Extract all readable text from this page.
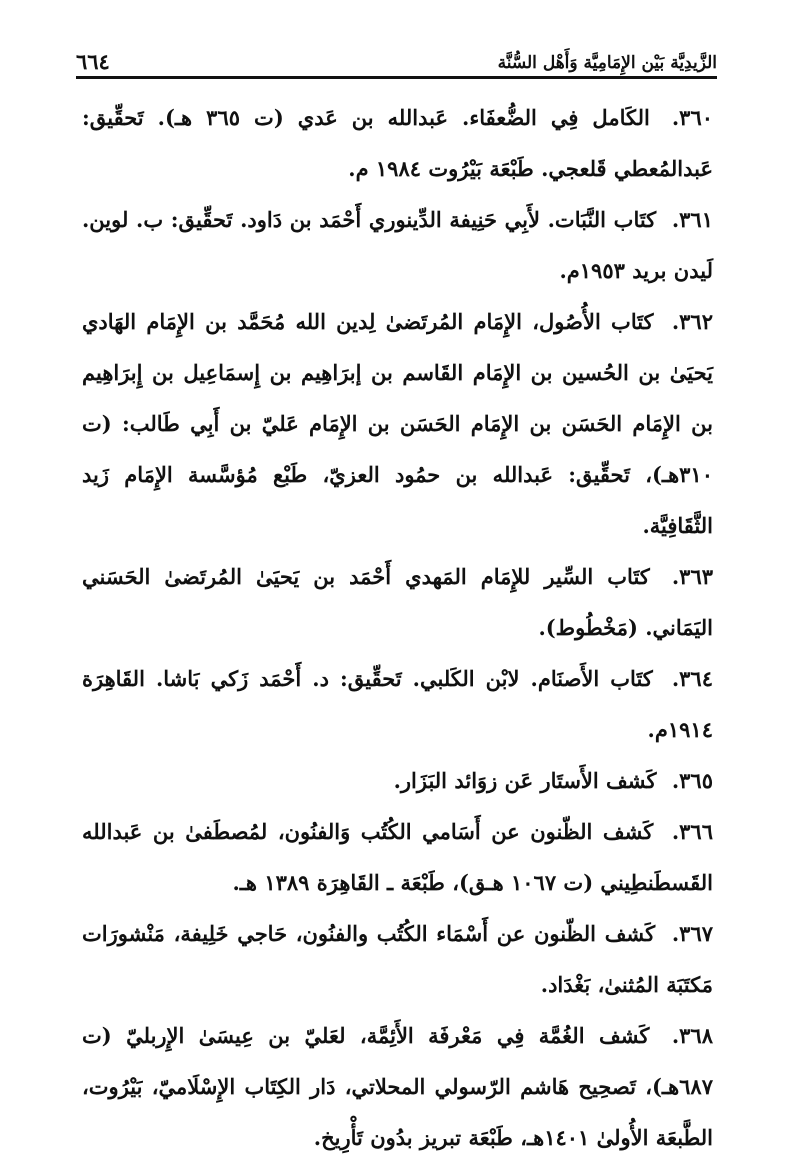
الزَّيدِيَّة بَيْن الإِمَامِيَّة وَأَهْل السُّنَّة
٦٦٤

٣٦٠. الكَامل فِي الضُّعفَاء. عَبدالله بن عَدي (ت ٣٦٥ هـ). تَحقِّيق: عَبدالمُعطي قَلعجي. طَبْعَة بَيْرُوت ١٩٨٤ م.

٣٦١. كتَاب النَّبَات. لأَبِي حَنِيفة الدِّينوري أَحْمَد بن دَاود. تَحقِّيق: ب. لوين. لَيدن بريد ١٩٥٣م.

٣٦٢. كتَاب الأُصُول، الإِمَام المُرتَضىٰ لِدين الله مُحَمَّد بن الإِمَام الهَادي يَحيَىٰ بن الحُسين بن الإِمَام القَاسم بن إبرَاهِيم بن إِسمَاعِيل بن إِبرَاهِيم بن الإِمَام الحَسَن بن الإِمَام الحَسَن بن الإِمَام عَليّ بن أَبِي طَالب: (ت ٣١٠هـ)، تَحقِّيق: عَبدالله بن حمُود العزيّ، طَبْع مُؤسَّسة الإِمَام زَيد الثَّقَافِيَّة.

٣٦٣. كتَاب السِّير للإِمَام المَهدي أَحْمَد بن يَحيَىٰ المُرتَضىٰ الحَسَني اليَمَاني. (مَخْطُوط).

٣٦٤. كتَاب الأَصنَام. لابْن الكَلبي. تَحقِّيق: د. أَحْمَد زَكي بَاشا. القَاهِرَة ١٩١٤م.

٣٦٥. كَشف الأَستَار عَن زوَائد البَزَار.

٣٦٦. كَشف الظّنون عن أَسَامي الكُتُب وَالفنُون، لمُصطَفىٰ بن عَبدالله القَسطَنطِيني (ت ١٠٦٧ هـق)، طَبْعَة ـ القَاهِرَة ١٣٨٩ هـ.

٣٦٧. كَشف الظّنون عن أَسْمَاء الكُتُب والفنُون، حَاجي خَلِيفة، مَنْشورَات مَكتَبَة المُثنىٰ، بَغْدَاد.

٣٦٨. كَشف الغُمَّة فِي مَعْرفَة الأَئِمَّة، لعَليّ بن عِيسَىٰ الإِربليّ (ت ٦٨٧هـ)، تَصحِيح هَاشم الرّسولي المحلاتي، دَار الكِتَاب الإِسْلَاميّ، بَيْرُوت، الطَّبعَة الأُولىٰ ١٤٠١هـ، طَبْعَة تبريز بدُون تَأْرِيخ.
